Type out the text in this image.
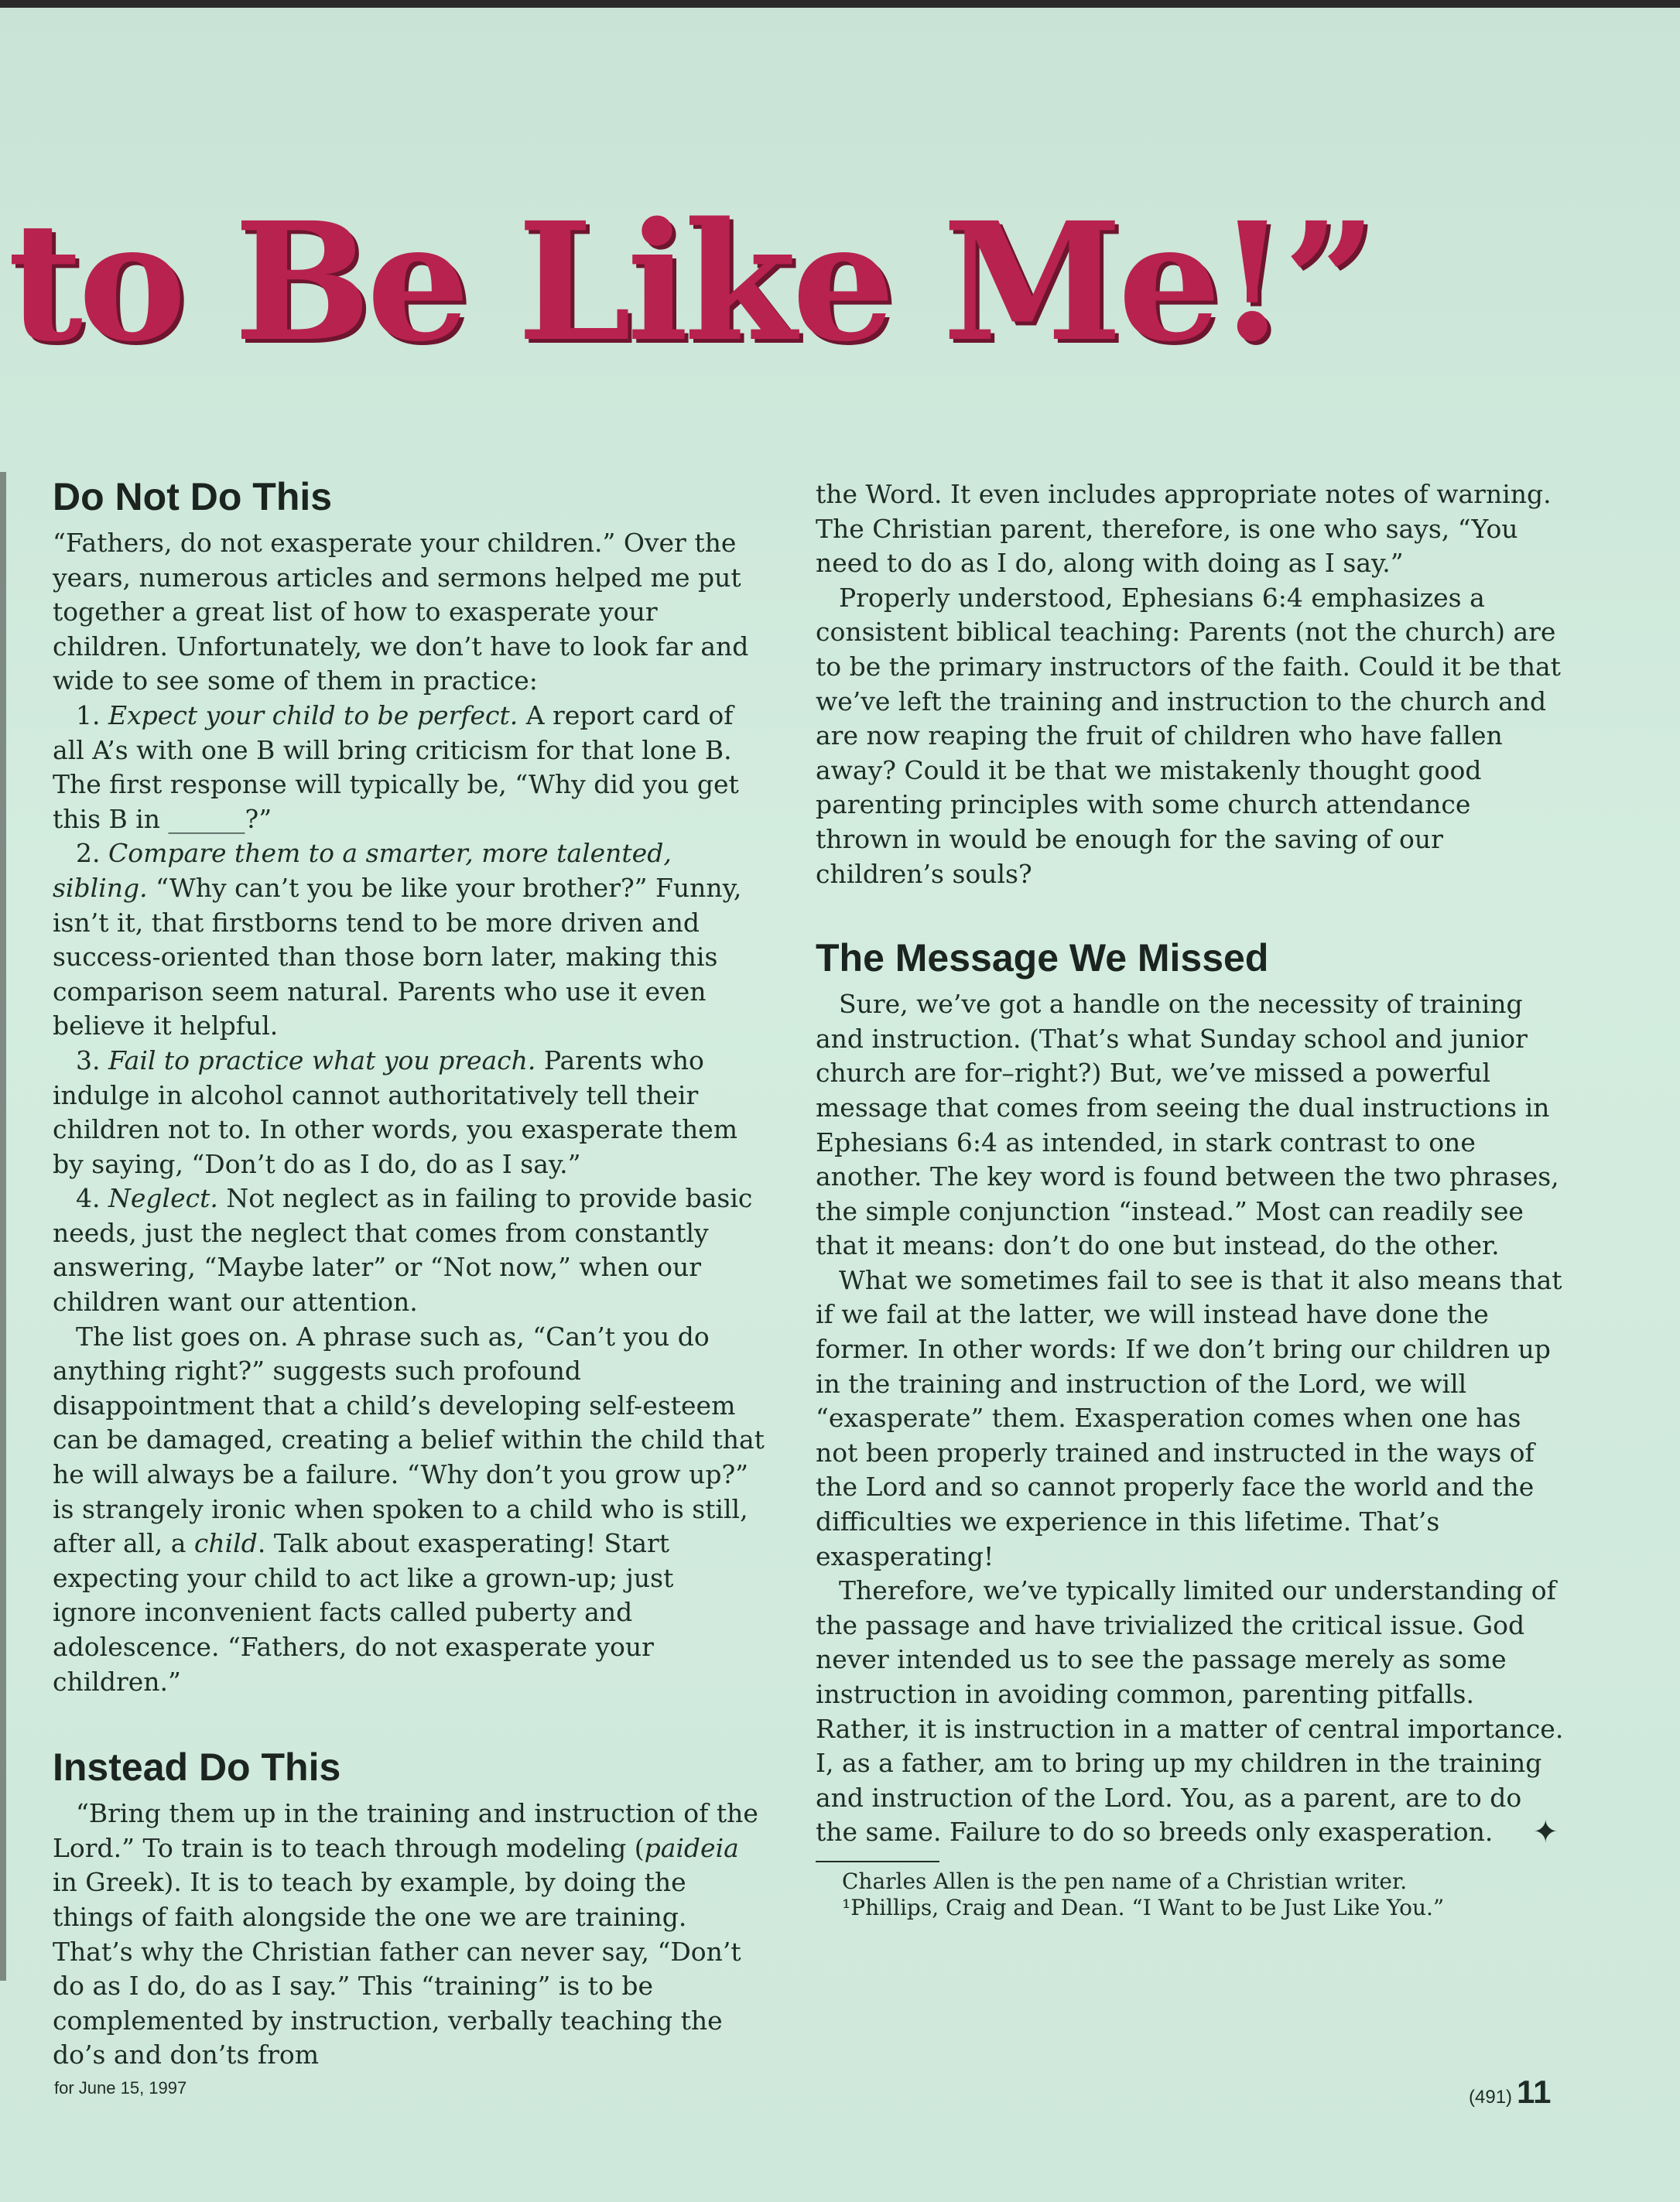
to Be Like Me!”
Do Not Do This

“Fathers, do not exasperate your children.” Over the years, numerous articles and sermons helped me put together a great list of how to exasperate your children. Unfortunately, we don’t have to look far and wide to see some of them in practice:

1. Expect your child to be perfect. A report card of all A’s with one B will bring criticism for that lone B. The first response will typically be, “Why did you get this B in ______?”

2. Compare them to a smarter, more talented, sibling. “Why can’t you be like your brother?” Funny, isn’t it, that firstborns tend to be more driven and success-oriented than those born later, making this comparison seem natural. Parents who use it even believe it helpful.

3. Fail to practice what you preach. Parents who indulge in alcohol cannot authoritatively tell their children not to. In other words, you exasperate them by saying, “Don’t do as I do, do as I say.”

4. Neglect. Not neglect as in failing to provide basic needs, just the neglect that comes from constantly answering, “Maybe later” or “Not now,” when our children want our attention.

The list goes on. A phrase such as, “Can’t you do anything right?” suggests such profound disappointment that a child’s developing self-esteem can be damaged, creating a belief within the child that he will always be a failure. “Why don’t you grow up?” is strangely ironic when spoken to a child who is still, after all, a child. Talk about exasperating! Start expecting your child to act like a grown-up; just ignore inconvenient facts called puberty and adolescence. “Fathers, do not exasperate your children.”

Instead Do This

“Bring them up in the training and instruction of the Lord.” To train is to teach through modeling (paideia in Greek). It is to teach by example, by doing the things of faith alongside the one we are training. That’s why the Christian father can never say, “Don’t do as I do, do as I say.” This “training” is to be complemented by instruction, verbally teaching the do’s and don’ts from

the Word. It even includes appropriate notes of warning. The Christian parent, therefore, is one who says, “You need to do as I do, along with doing as I say.”

Properly understood, Ephesians 6:4 emphasizes a consistent biblical teaching: Parents (not the church) are to be the primary instructors of the faith. Could it be that we’ve left the training and instruction to the church and are now reaping the fruit of children who have fallen away? Could it be that we mistakenly thought good parenting principles with some church attendance thrown in would be enough for the saving of our children’s souls?

The Message We Missed

Sure, we’ve got a handle on the necessity of training and instruction. (That’s what Sunday school and junior church are for–right?) But, we’ve missed a powerful message that comes from seeing the dual instructions in Ephesians 6:4 as intended, in stark contrast to one another. The key word is found between the two phrases, the simple conjunction “instead.” Most can readily see that it means: don’t do one but instead, do the other.

What we sometimes fail to see is that it also means that if we fail at the latter, we will instead have done the former. In other words: If we don’t bring our children up in the training and instruction of the Lord, we will “exasperate” them. Exasperation comes when one has not been properly trained and instructed in the ways of the Lord and so cannot properly face the world and the difficulties we experience in this lifetime. That’s exasperating!

Therefore, we’ve typically limited our understanding of the passage and have trivialized the critical issue. God never intended us to see the passage merely as some instruction in avoiding common, parenting pitfalls. Rather, it is instruction in a matter of central importance. I, as a father, am to bring up my children in the training and instruction of the Lord. You, as a parent, are to do the same. Failure to do so breeds only exasperation.	✦

Charles Allen is the pen name of a Christian writer.
¹Phillips, Craig and Dean. “I Want to be Just Like You.”
for June 15, 1997	(491) 11
